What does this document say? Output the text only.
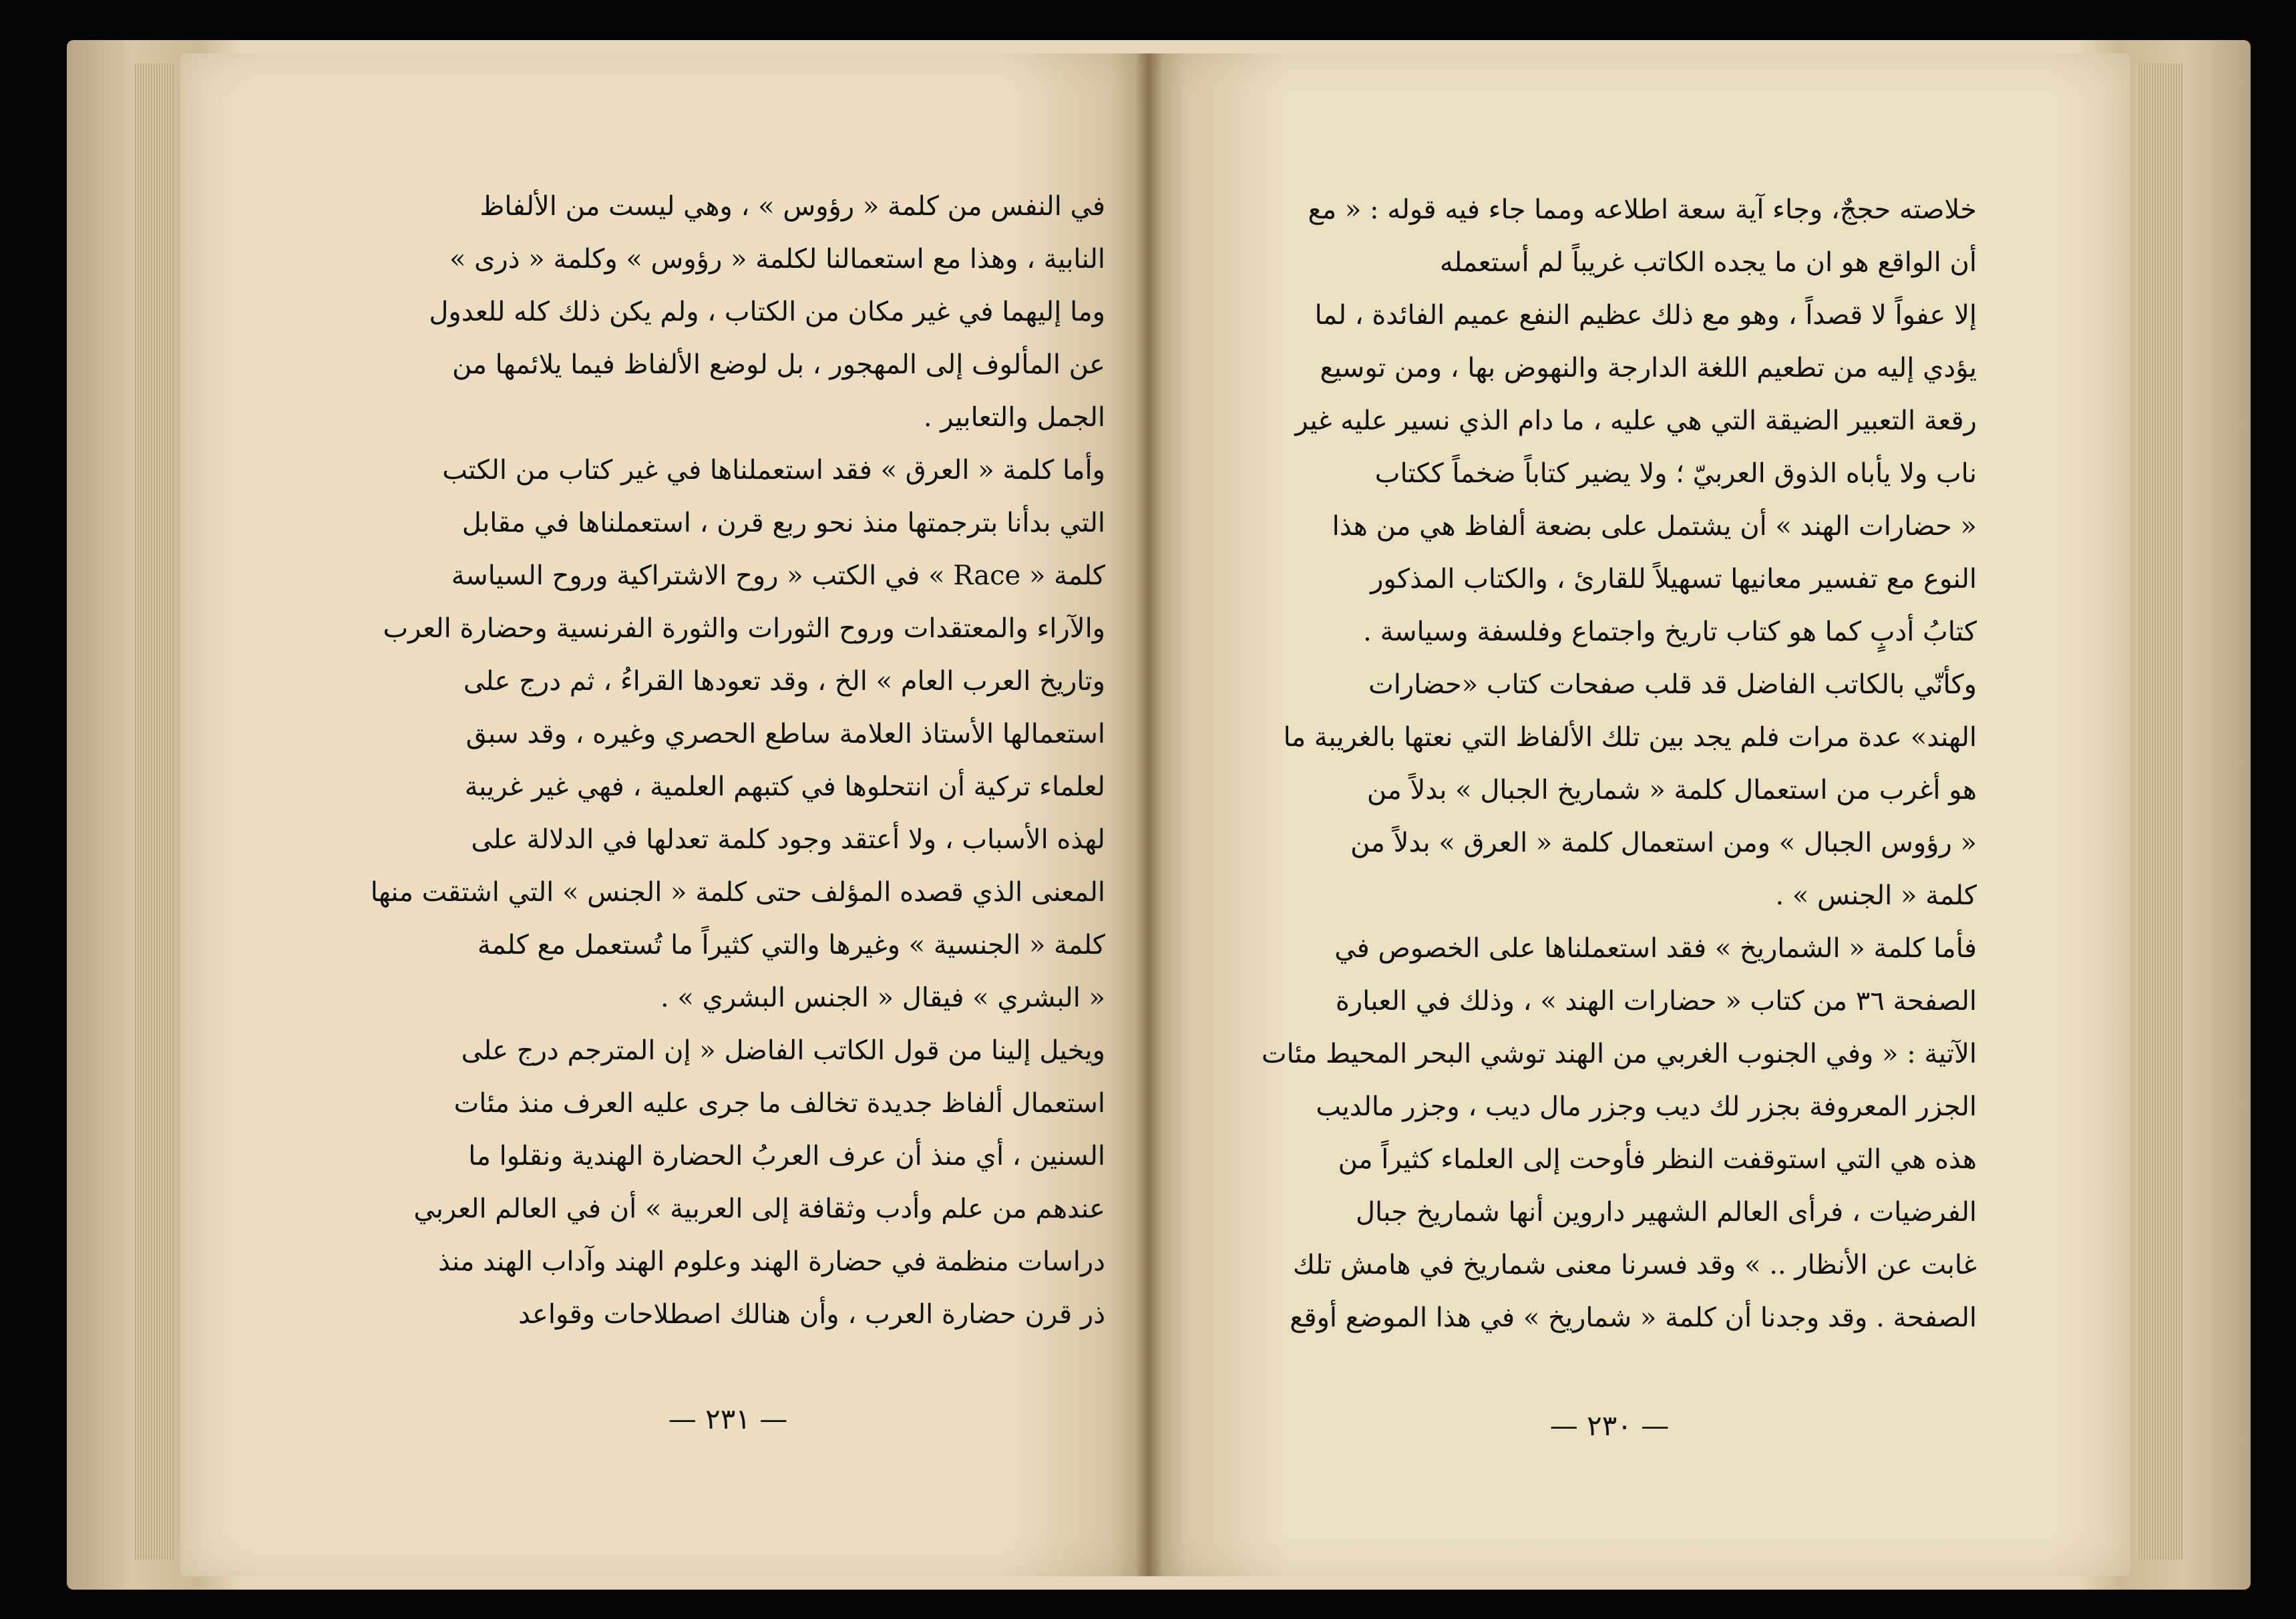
في النفس من كلمة « رؤوس » ، وهي ليست من الألفاظ
النابية ، وهذا مع استعمالنا لكلمة « رؤوس » وكلمة « ذرى »
وما إليهما في غير مكان من الكتاب ، ولم يكن ذلك كله للعدول
عن المألوف إلى المهجور ، بل لوضع الألفاظ فيما يلائمها من
الجمل والتعابير .
وأما كلمة « العرق » فقد استعملناها في غير كتاب من الكتب
التي بدأنا بترجمتها منذ نحو ربع قرن ، استعملناها في مقابل
كلمة « Race » في الكتب « روح الاشتراكية وروح السياسة
والآراء والمعتقدات وروح الثورات والثورة الفرنسية وحضارة العرب
وتاريخ العرب العام » الخ ، وقد تعودها القراءُ ، ثم درج على
استعمالها الأستاذ العلامة ساطع الحصري وغيره ، وقد سبق
لعلماء تركية أن انتحلوها في كتبهم العلمية ، فهي غير غريبة
لهذه الأسباب ، ولا أعتقد وجود كلمة تعدلها في الدلالة على
المعنى الذي قصده المؤلف حتى كلمة « الجنس » التي اشتقت منها
كلمة « الجنسية » وغيرها والتي كثيراً ما تُستعمل مع كلمة
« البشري » فيقال « الجنس البشري » .
ويخيل إلينا من قول الكاتب الفاضل « إن المترجم درج على
استعمال ألفاظ جديدة تخالف ما جرى عليه العرف منذ مئات
السنين ، أي منذ أن عرف العربُ الحضارة الهندية ونقلوا ما
عندهم من علم وأدب وثقافة إلى العربية » أن في العالم العربي
دراسات منظمة في حضارة الهند وعلوم الهند وآداب الهند منذ
ذر قرن حضارة العرب ، وأن هنالك اصطلاحات وقواعد
خلاصته حججٌ، وجاء آية سعة اطلاعه ومما جاء فيه قوله : « مع
أن الواقع هو ان ما يجده الكاتب غريباً لم أستعمله
إلا عفواً لا قصداً ، وهو مع ذلك عظيم النفع عميم الفائدة ، لما
يؤدي إليه من تطعيم اللغة الدارجة والنهوض بها ، ومن توسيع
رقعة التعبير الضيقة التي هي عليه ، ما دام الذي نسير عليه غير
ناب ولا يأباه الذوق العربيّ ؛ ولا يضير كتاباً ضخماً ككتاب
« حضارات الهند » أن يشتمل على بضعة ألفاظ هي من هذا
النوع مع تفسير معانيها تسهيلاً للقارئ ، والكتاب المذكور
كتابُ أدبٍ كما هو كتاب تاريخ واجتماع وفلسفة وسياسة .
وكأنّي بالكاتب الفاضل قد قلب صفحات كتاب «حضارات
الهند» عدة مرات فلم يجد بين تلك الألفاظ التي نعتها بالغريبة ما
هو أغرب من استعمال كلمة « شماريخ الجبال » بدلاً من
« رؤوس الجبال » ومن استعمال كلمة « العرق » بدلاً من
كلمة « الجنس » .
فأما كلمة « الشماريخ » فقد استعملناها على الخصوص في
الصفحة ٣٦ من كتاب « حضارات الهند » ، وذلك في العبارة
الآتية : « وفي الجنوب الغربي من الهند توشي البحر المحيط مئات
الجزر المعروفة بجزر لك ديب وجزر مال ديب ، وجزر مالديب
هذه هي التي استوقفت النظر فأوحت إلى العلماء كثيراً من
الفرضيات ، فرأى العالم الشهير داروين أنها شماريخ جبال
غابت عن الأنظار .. » وقد فسرنا معنى شماريخ في هامش تلك
الصفحة . وقد وجدنا أن كلمة « شماريخ » في هذا الموضع أوقع
— ٢٣١ —	— ٢٣٠ —
